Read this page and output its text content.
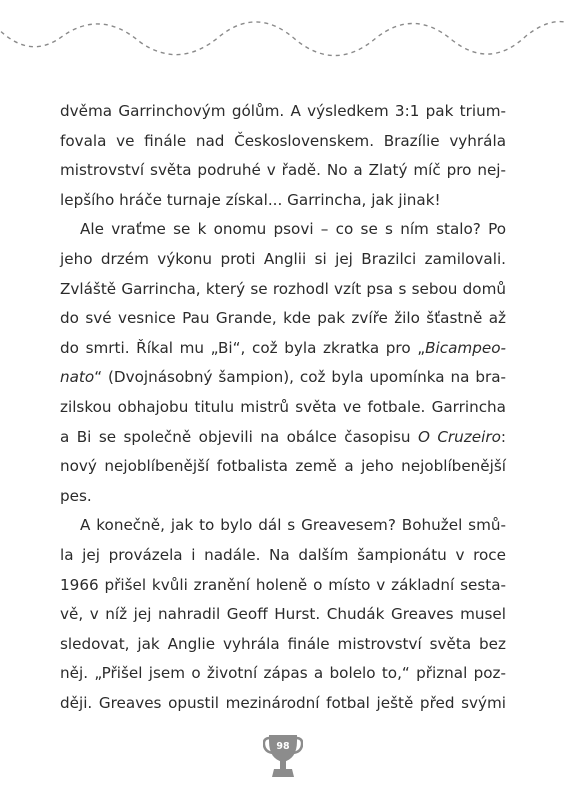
dvěma Garrinchovým gólům. A výsledkem 3:1 pak trium-
fovala ve finále nad Československem. Brazílie vyhrála
mistrovství světa podruhé v řadě. No a Zlatý míč pro nej-
lepšího hráče turnaje získal... Garrincha, jak jinak!
Ale vraťme se k onomu psovi – co se s ním stalo? Po
jeho drzém výkonu proti Anglii si jej Brazilci zamilovali.
Zvláště Garrincha, který se rozhodl vzít psa s sebou domů
do své vesnice Pau Grande, kde pak zvíře žilo šťastně až
do smrti. Říkal mu „Bi“, což byla zkratka pro „Bicampeo-
nato“ (Dvojnásobný šampion), což byla upomínka na bra-
zilskou obhajobu titulu mistrů světa ve fotbale. Garrincha
a Bi se společně objevili na obálce časopisu O Cruzeiro:
nový nejoblíbenější fotbalista země a jeho nejoblíbenější
pes.
A konečně, jak to bylo dál s Greavesem? Bohužel smů-
la jej provázela i nadále. Na dalším šampionátu v roce
1966 přišel kvůli zranění holeně o místo v základní sesta-
vě, v níž jej nahradil Geoff Hurst. Chudák Greaves musel
sledovat, jak Anglie vyhrála finále mistrovství světa bez
něj. „Přišel jsem o životní zápas a bolelo to,“ přiznal poz-
ději. Greaves opustil mezinárodní fotbal ještě před svými
98
